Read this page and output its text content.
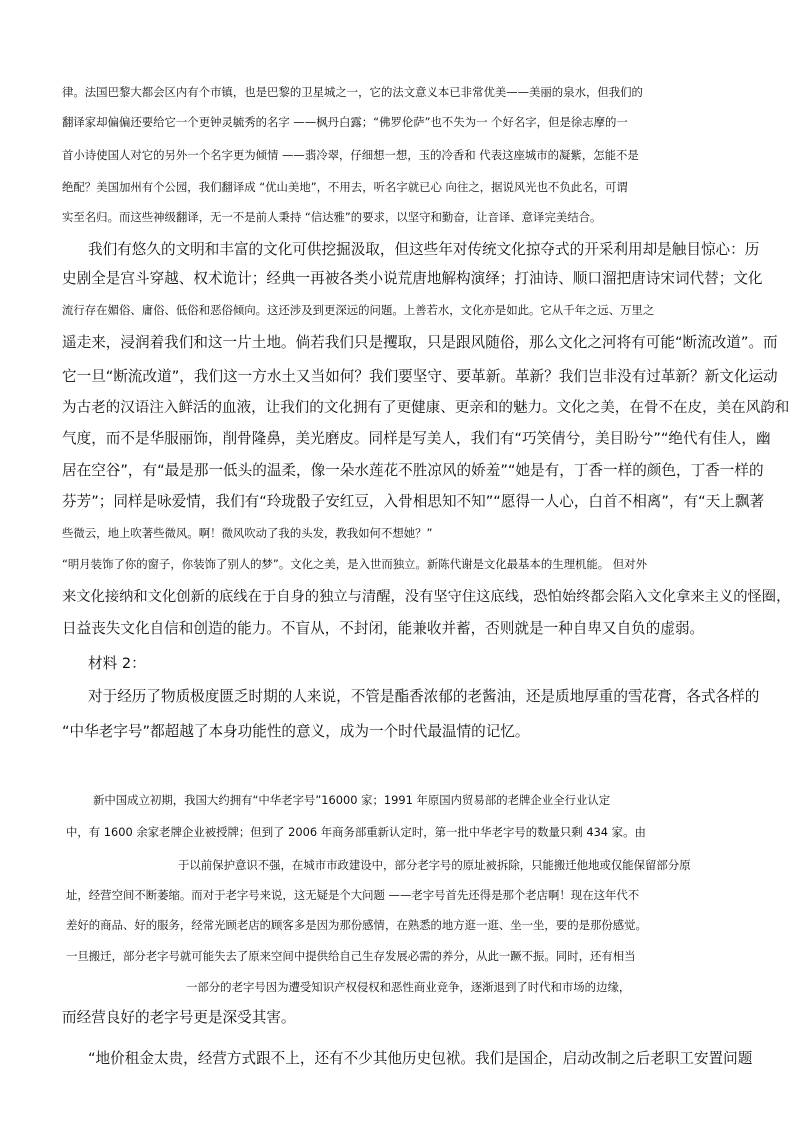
律。法国巴黎大都会区内有个市镇，也是巴黎的卫星城之一，它的法文意义本已非常优美——美丽的泉水，但我们的
翻译家却偏偏还要给它一个更钟灵毓秀的名字 ——枫丹白露；“佛罗伦萨”也不失为一 个好名字，但是徐志摩的一
首小诗使国人对它的另外一个名字更为倾情 ——翡冷翠，仔细想一想，玉的冷香和 代表这座城市的凝紫，怎能不是
绝配？美国加州有个公园，我们翻译成 “优山美地”，不用去，听名字就已心 向往之，据说风光也不负此名，可谓
实至名归。而这些神级翻译，无一不是前人秉持 “信达雅”的要求，以坚守和勤奋，让音译、意译完美结合。
我们有悠久的文明和丰富的文化可供挖掘汲取，但这些年对传统文化掠夺式的开采利用却是触目惊心：历
史剧全是宫斗穿越、权术诡计；经典一再被各类小说荒唐地解构演绎；打油诗、顺口溜把唐诗宋词代替；文化
流行存在媚俗、庸俗、低俗和恶俗倾向。这还涉及到更深远的问题。上善若水，文化亦是如此。它从千年之远、万里之
遥走来，浸润着我们和这一片土地。倘若我们只是攫取，只是跟风随俗，那么文化之河将有可能“断流改道”。而
它一旦“断流改道”，我们这一方水土又当如何？我们要坚守、要革新。革新？我们岂非没有过革新？新文化运动
为古老的汉语注入鲜活的血液，让我们的文化拥有了更健康、更亲和的魅力。文化之美，在骨不在皮，美在风韵和
气度，而不是华服丽饰，削骨隆鼻，美光磨皮。同样是写美人，我们有“巧笑倩兮，美目盼兮”“绝代有佳人，幽
居在空谷”，有“最是那一低头的温柔，像一朵水莲花不胜凉风的娇羞”“她是有，丁香一样的颜色，丁香一样的
芬芳”；同样是咏爱情，我们有“玲珑骰子安红豆，入骨相思知不知”“愿得一人心，白首不相离”，有“天上飘著
些微云，地上吹著些微风。啊！微风吹动了我的头发，教我如何不想她？”
“明月装饰了你的窗子，你装饰了别人的梦”。文化之美，是入世而独立。新陈代谢是文化最基本的生理机能。 但对外
来文化接纳和文化创新的底线在于自身的独立与清醒，没有坚守住这底线，恐怕始终都会陷入文化拿来主义的怪圈，
日益丧失文化自信和创造的能力。不盲从，不封闭，能兼收并蓄，否则就是一种自卑又自负的虚弱。
材料 2：
对于经历了物质极度匮乏时期的人来说，不管是酯香浓郁的老酱油，还是质地厚重的雪花膏，各式各样的
“中华老字号”都超越了本身功能性的意义，成为一个时代最温情的记忆。
新中国成立初期，我国大约拥有“中华老字号”16000 家；1991 年原国内贸易部的老牌企业全行业认定
中，有 1600 余家老牌企业被授牌；但到了 2006 年商务部重新认定时，第一批中华老字号的数量只剩 434 家。由
于以前保护意识不强，在城市市政建设中，部分老字号的原址被拆除，只能搬迁他地或仅能保留部分原
址，经营空间不断萎缩。而对于老字号来说，这无疑是个大问题 ——老字号首先还得是那个老店啊！现在这年代不
差好的商品、好的服务，经常光顾老店的顾客多是因为那份感情，在熟悉的地方逛一逛、坐一坐，要的是那份感觉。
一旦搬迁，部分老字号就可能失去了原来空间中提供给自己生存发展必需的养分，从此一蹶不振。同时，还有相当
一部分的老字号因为遭受知识产权侵权和恶性商业竞争，逐渐退到了时代和市场的边缘，
而经营良好的老字号更是深受其害。
“地价租金太贵，经营方式跟不上，还有不少其他历史包袱。我们是国企，启动改制之后老职工安置问题
